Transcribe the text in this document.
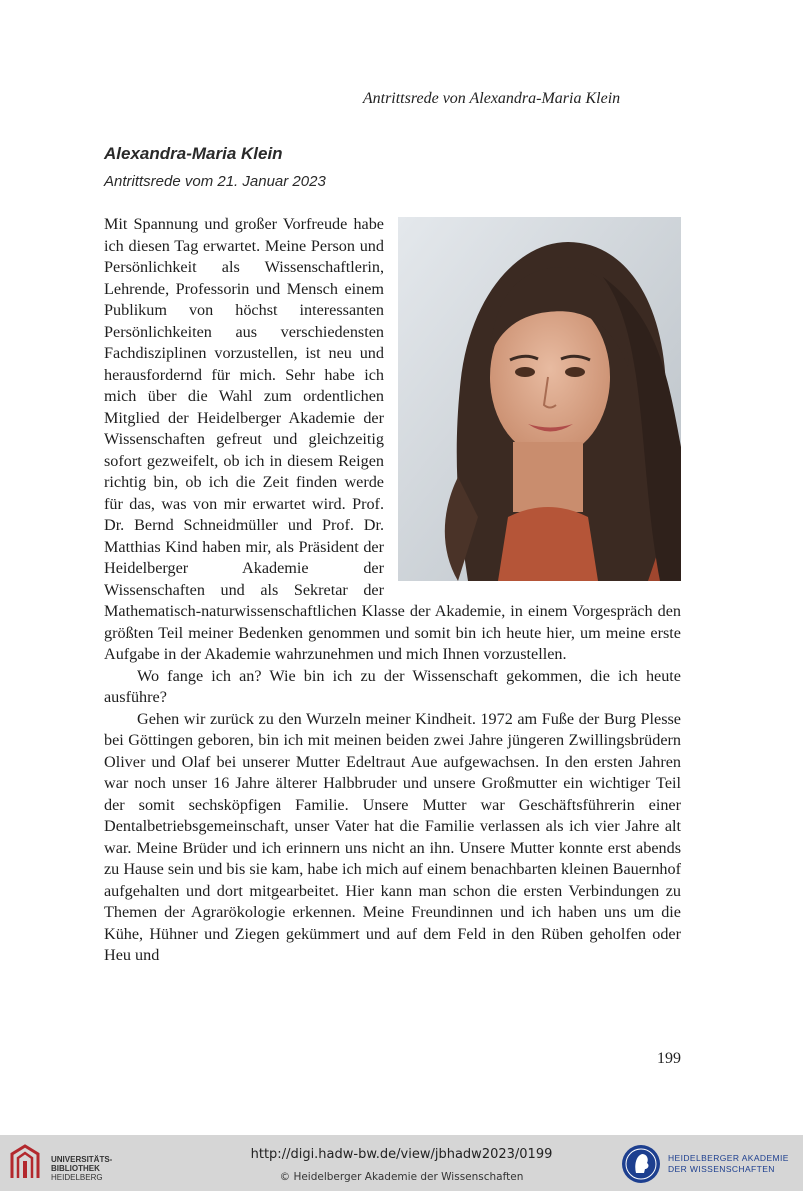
Antrittsrede von Alexandra-Maria Klein
Alexandra-Maria Klein
Antrittsrede vom 21. Januar 2023

Mit Spannung und großer Vorfreude habe ich diesen Tag erwartet. Meine Person und Persönlichkeit als Wissenschaftlerin, Lehrende, Professorin und Mensch einem Publikum von höchst interessanten Persönlichkeiten aus verschiedensten Fachdisziplinen vorzustellen, ist neu und herausfordernd für mich. Sehr habe ich mich über die Wahl zum ordentlichen Mitglied der Heidelberger Akademie der Wissenschaften gefreut und gleichzeitig sofort gezweifelt, ob ich in diesem Reigen richtig bin, ob ich die Zeit finden werde für das, was von mir erwartet wird. Prof. Dr. Bernd Schneidmüller und Prof. Dr. Matthias Kind haben mir, als Präsident der Heidelberger Akademie der Wissenschaften und als Sekretar der Mathematisch-naturwissenschaftlichen Klasse der Akademie, in einem Vorgespräch den größten Teil meiner Bedenken genommen und somit bin ich heute hier, um meine erste Aufgabe in der Akademie wahrzunehmen und mich Ihnen vorzustellen.

Wo fange ich an? Wie bin ich zu der Wissenschaft gekommen, die ich heute ausführe?

Gehen wir zurück zu den Wurzeln meiner Kindheit. 1972 am Fuße der Burg Plesse bei Göttingen geboren, bin ich mit meinen beiden zwei Jahre jüngeren Zwillingsbrüdern Oliver und Olaf bei unserer Mutter Edeltraut Aue aufgewachsen. In den ersten Jahren war noch unser 16 Jahre älterer Halbbruder und unsere Großmutter ein wichtiger Teil der somit sechsköpfigen Familie. Unsere Mutter war Geschäftsführerin einer Dentalbetriebsgemeinschaft, unser Vater hat die Familie verlassen als ich vier Jahre alt war. Meine Brüder und ich erinnern uns nicht an ihn. Unsere Mutter konnte erst abends zu Hause sein und bis sie kam, habe ich mich auf einem benachbarten kleinen Bauernhof aufgehalten und dort mitgearbeitet. Hier kann man schon die ersten Verbindungen zu Themen der Agrarökologie erkennen. Meine Freundinnen und ich haben uns um die Kühe, Hühner und Ziegen gekümmert und auf dem Feld in den Rüben geholfen oder Heu und

199
UNIVERSITÄTS-
BIBLIOTHEK
HEIDELBERG
http://digi.hadw-bw.de/view/jbhadw2023/0199
© Heidelberger Akademie der Wissenschaften
HEIDELBERGER AKADEMIE
DER WISSENSCHAFTEN
